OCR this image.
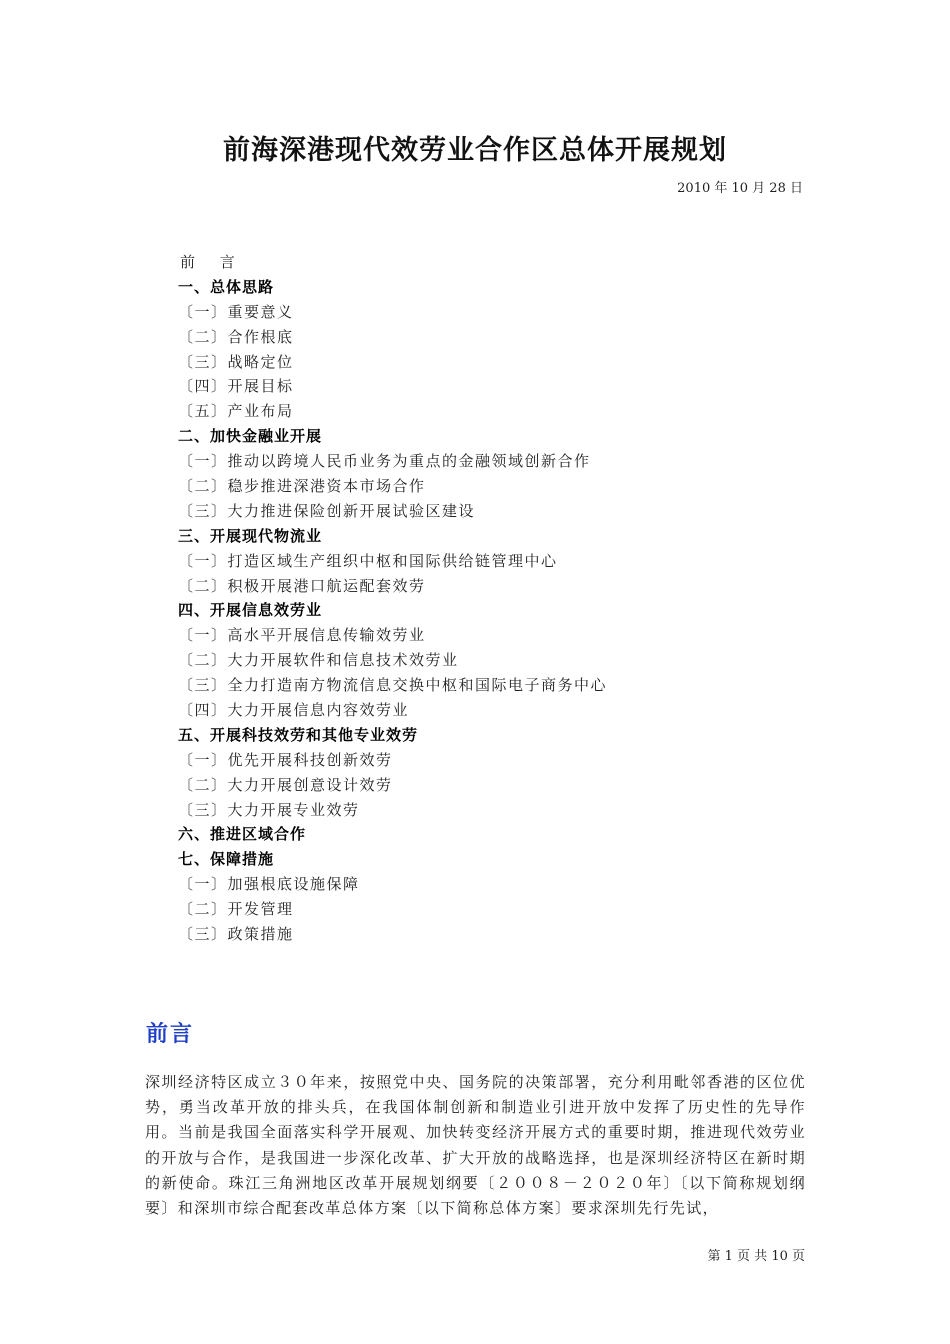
前海深港现代效劳业合作区总体开展规划
2010 年 10 月 28 日
前 言
一、总体思路
〔一〕重要意义
〔二〕合作根底
〔三〕战略定位
〔四〕开展目标
〔五〕产业布局
二、加快金融业开展
〔一〕推动以跨境人民币业务为重点的金融领域创新合作
〔二〕稳步推进深港资本市场合作
〔三〕大力推进保险创新开展试验区建设
三、开展现代物流业
〔一〕打造区域生产组织中枢和国际供给链管理中心
〔二〕积极开展港口航运配套效劳
四、开展信息效劳业
〔一〕高水平开展信息传输效劳业
〔二〕大力开展软件和信息技术效劳业
〔三〕全力打造南方物流信息交换中枢和国际电子商务中心
〔四〕大力开展信息内容效劳业
五、开展科技效劳和其他专业效劳
〔一〕优先开展科技创新效劳
〔二〕大力开展创意设计效劳
〔三〕大力开展专业效劳
六、推进区域合作
七、保障措施
〔一〕加强根底设施保障
〔二〕开发管理
〔三〕政策措施
前言

深圳经济特区成立３０年来，按照党中央、国务院的决策部署，充分利用毗邻香港的区位优势，勇当改革开放的排头兵，在我国体制创新和制造业引进开放中发挥了历史性的先导作用。当前是我国全面落实科学开展观、加快转变经济开展方式的重要时期，推进现代效劳业的开放与合作，是我国进一步深化改革、扩大开放的战略选择，也是深圳经济特区在新时期的新使命。珠江三角洲地区改革开展规划纲要〔２００８－２０２０年〕〔以下简称规划纲要〕和深圳市综合配套改革总体方案〔以下简称总体方案〕要求深圳先行先试，

第 1 页 共 10 页
